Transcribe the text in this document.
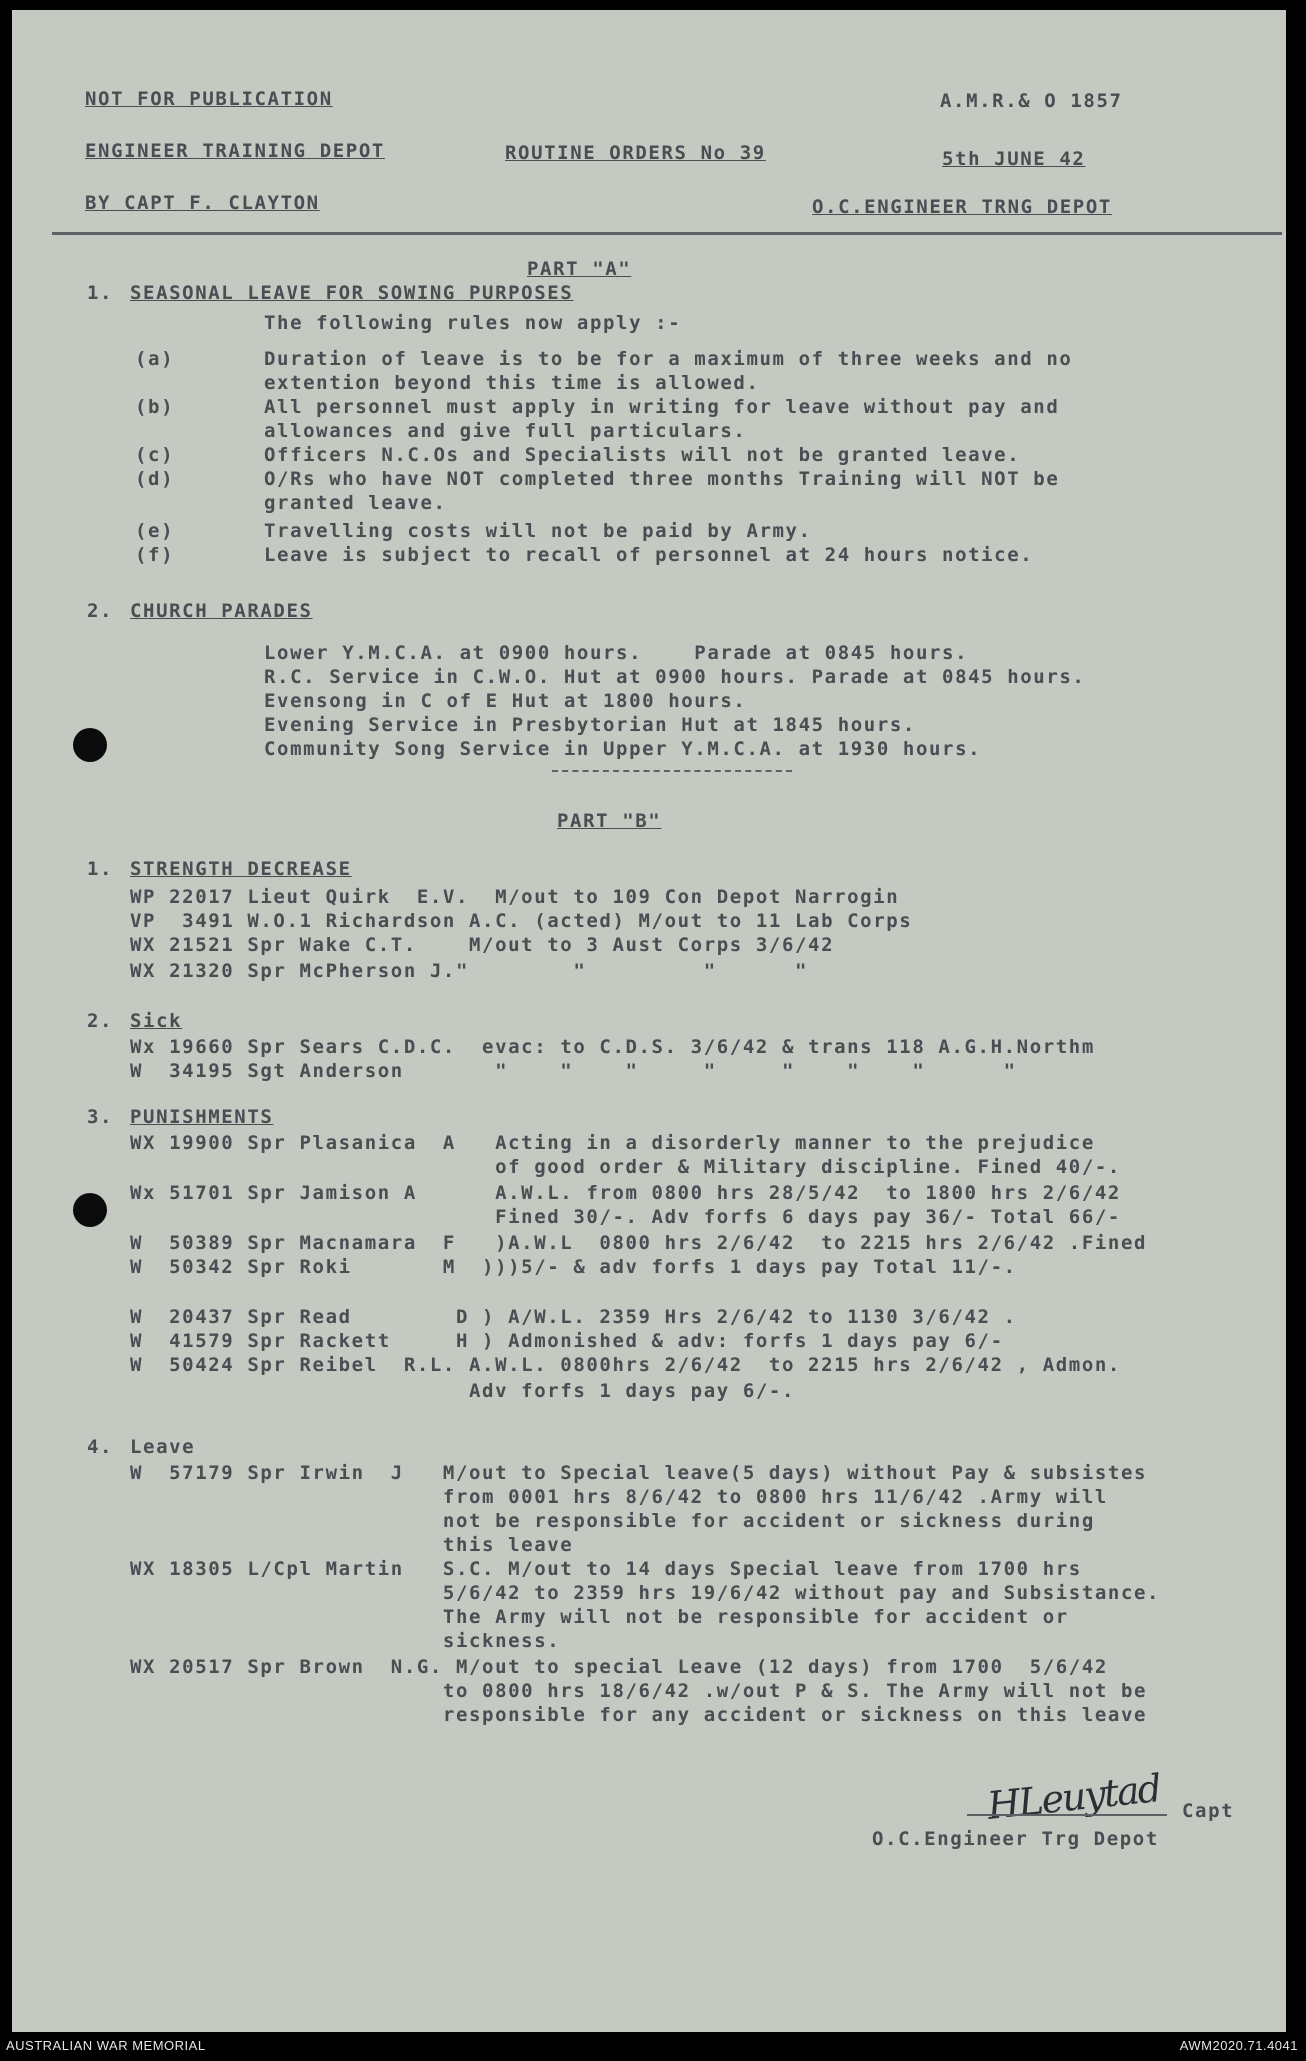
NOT FOR PUBLICATION	A.M.R.& O 1857
ENGINEER TRAINING DEPOT	ROUTINE ORDERS No 39	5th JUNE 42
BY CAPT F. CLAYTON	O.C.ENGINEER TRNG DEPOT
PART "A"
1. SEASONAL LEAVE FOR SOWING PURPOSES
The following rules now apply :-
(a)	Duration of leave is to be for a maximum of three weeks and no
extention beyond this time is allowed.
(b)	All personnel must apply in writing for leave without pay and
allowances and give full particulars.
(c)	Officers N.C.Os and Specialists will not be granted leave.
(d)	O/Rs who have NOT completed three months Training will NOT be
granted leave.
(e)	Travelling costs will not be paid by Army.
(f)	Leave is subject to recall of personnel at 24 hours notice.
2. CHURCH PARADES
Lower Y.M.C.A. at 0900 hours.    Parade at 0845 hours.
R.C. Service in C.W.O. Hut at 0900 hours. Parade at 0845 hours.
Evensong in C of E Hut at 1800 hours.
Evening Service in Presbytorian Hut at 1845 hours.
Community Song Service in Upper Y.M.C.A. at 1930 hours.
PART "B"
1. STRENGTH DECREASE
WP 22017 Lieut Quirk  E.V.  M/out to 109 Con Depot Narrogin
VP  3491 W.O.1 Richardson A.C. (acted) M/out to 11 Lab Corps
WX 21521 Spr Wake C.T.    M/out to 3 Aust Corps 3/6/42
WX 21320 Spr McPherson J."        "         "      "
2. Sick
Wx 19660 Spr Sears C.D.C.  evac: to C.D.S. 3/6/42 & trans 118 A.G.H.Northm
W  34195 Sgt Anderson       "    "    "     "     "    "    "      "
3. PUNISHMENTS
WX 19900 Spr Plasanica  A   Acting in a disorderly manner to the prejudice
of good order & Military discipline. Fined 40/-.
Wx 51701 Spr Jamison A      A.W.L. from 0800 hrs 28/5/42  to 1800 hrs 2/6/42
Fined 30/-. Adv forfs 6 days pay 36/- Total 66/-
W  50389 Spr Macnamara  F   )A.W.L  0800 hrs 2/6/42  to 2215 hrs 2/6/42 .Fined
W  50342 Spr Roki       M  )))5/- & adv forfs 1 days pay Total 11/-.
W  20437 Spr Read        D ) A/W.L. 2359 Hrs 2/6/42 to 1130 3/6/42 .
W  41579 Spr Rackett     H ) Admonished & adv: forfs 1 days pay 6/-
W  50424 Spr Reibel  R.L. A.W.L. 0800hrs 2/6/42  to 2215 hrs 2/6/42 , Admon.
Adv forfs 1 days pay 6/-.
4. Leave
W  57179 Spr Irwin  J   M/out to Special leave(5 days) without Pay & subsistes
from 0001 hrs 8/6/42 to 0800 hrs 11/6/42 .Army will
not be responsible for accident or sickness during
this leave
WX 18305 L/Cpl Martin   S.C. M/out to 14 days Special leave from 1700 hrs
5/6/42 to 2359 hrs 19/6/42 without pay and Subsistance.
The Army will not be responsible for accident or
sickness.
WX 20517 Spr Brown  N.G. M/out to special Leave (12 days) from 1700  5/6/42
to 0800 hrs 18/6/42 .w/out P & S. The Army will not be
responsible for any accident or sickness on this leave
HLeuytad Capt
O.C.Engineer Trg Depot
AUSTRALIAN WAR MEMORIAL	AWM2020.71.4041
